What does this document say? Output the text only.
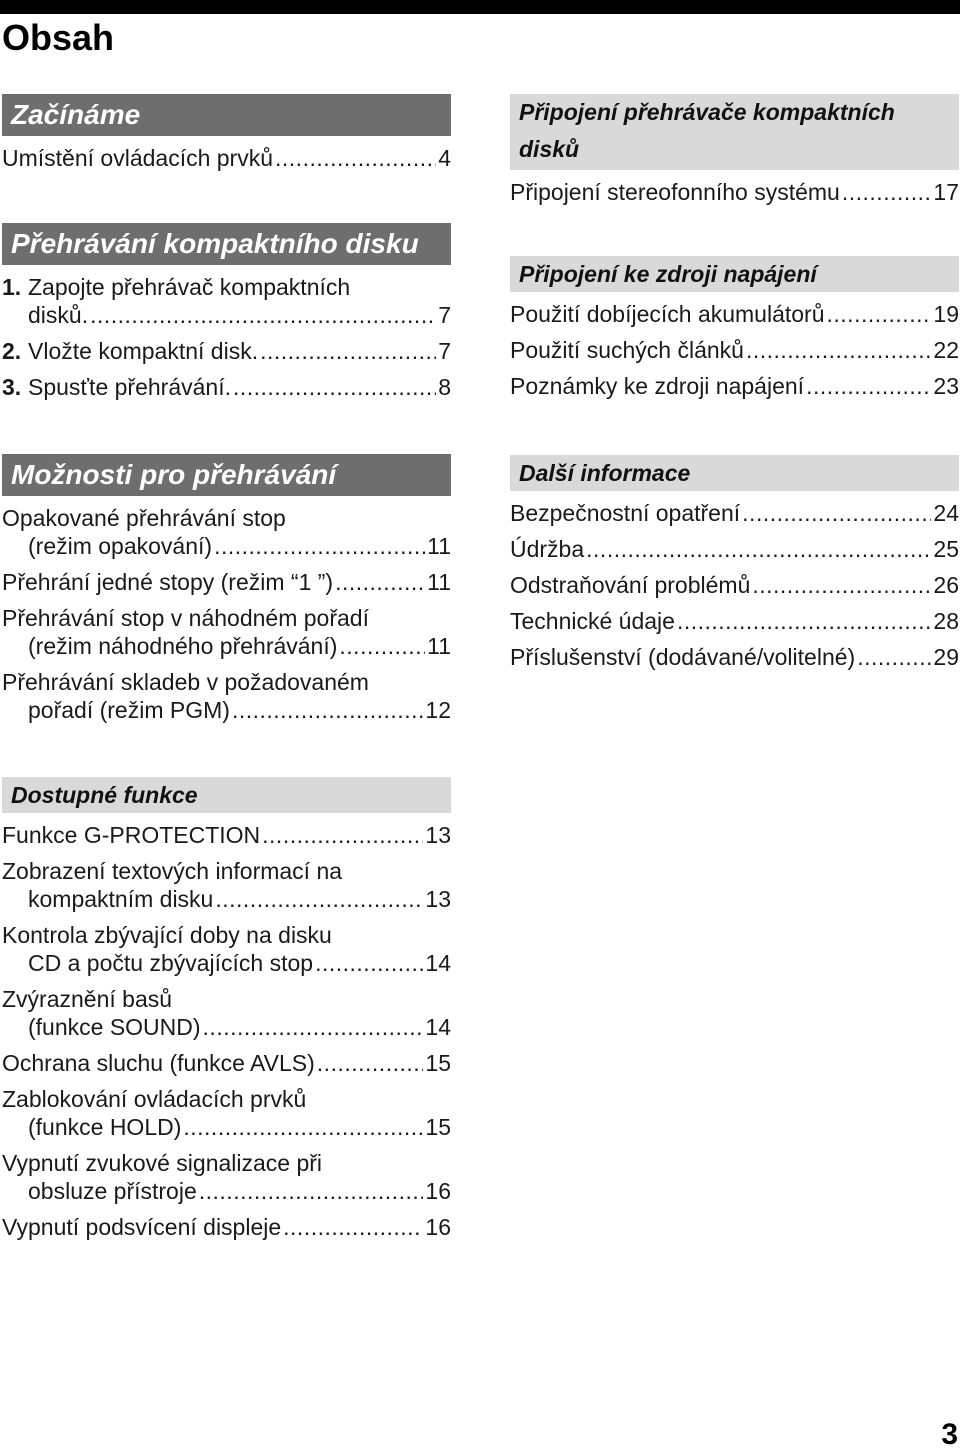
Obsah
Začínáme
Umístění ovládacích prvků .....	4
Přehrávání kompaktního disku
1. Zapojte přehrávač kompaktních
disků. .....	7
2. Vložte kompaktní disk. .....	7
3. Spusťte přehrávání. .....	8
Možnosti pro přehrávání
Opakované přehrávání stop
(režim opakování) .....	11
Přehrání jedné stopy (režim “1 ”) .....	11
Přehrávání stop v náhodném pořadí
(režim náhodného přehrávání) .....	11
Přehrávání skladeb v požadovaném
pořadí (režim PGM) .....	12
Dostupné funkce
Funkce G-PROTECTION .....	13
Zobrazení textových informací na
kompaktním disku .....	13
Kontrola zbývající doby na disku
CD a počtu zbývajících stop .....	14
Zvýraznění basů
(funkce SOUND) .....	14
Ochrana sluchu (funkce AVLS) .....	15
Zablokování ovládacích prvků
(funkce HOLD) .....	15
Vypnutí zvukové signalizace při
obsluze přístroje .....	16
Vypnutí podsvícení displeje .....	16
Připojení přehrávače kompaktních
disků
Připojení stereofonního systému .....	17
Připojení ke zdroji napájení
Použití dobíjecích akumulátorů .....	19
Použití suchých článků .....	22
Poznámky ke zdroji napájení .....	23
Další informace
Bezpečnostní opatření .....	24
Údržba .....	25
Odstraňování problémů .....	26
Technické údaje .....	28
Příslušenství (dodávané/volitelné) .....	29
3
